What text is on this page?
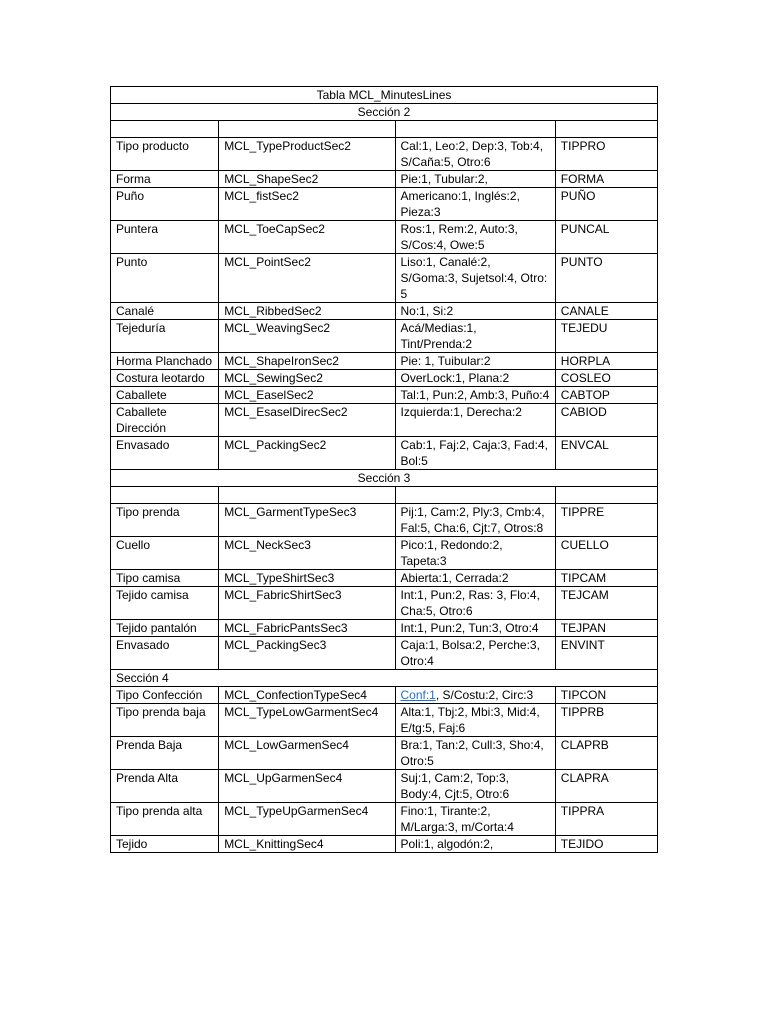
Tabla MCL_MinutesLines			
Sección 2			

Tipo producto	MCL_TypeProductSec2	Cal:1, Leo:2, Dep:3, Tob:4, S/Caña:5, Otro:6	TIPPRO
Forma	MCL_ShapeSec2	Pie:1, Tubular:2,	FORMA
Puño	MCL_fistSec2	Americano:1, Inglés:2, Pieza:3	PUÑO
Puntera	MCL_ToeCapSec2	Ros:1, Rem:2, Auto:3, S/Cos:4, Owe:5	PUNCAL
Punto	MCL_PointSec2	Liso:1, Canalé:2, S/Goma:3, Sujetsol:4, Otro: 5	PUNTO
Canalé	MCL_RibbedSec2	No:1, Si:2	CANALE
Tejeduría	MCL_WeavingSec2	Acá/Medias:1, Tint/Prenda:2	TEJEDU
Horma Planchado	MCL_ShapeIronSec2	Pie: 1, Tuibular:2	HORPLA
Costura leotardo	MCL_SewingSec2	OverLock:1, Plana:2	COSLEO
Caballete	MCL_EaselSec2	Tal:1, Pun:2, Amb:3, Puño:4	CABTOP
Caballete Dirección	MCL_EsaselDirecSec2	Izquierda:1, Derecha:2	CABIOD
Envasado	MCL_PackingSec2	Cab:1, Faj:2, Caja:3, Fad:4, Bol:5	ENVCAL
Sección 3			

Tipo prenda	MCL_GarmentTypeSec3	Pij:1, Cam:2, Ply:3, Cmb:4, Fal:5, Cha:6, Cjt:7, Otros:8	TIPPRE
Cuello	MCL_NeckSec3	Pico:1, Redondo:2, Tapeta:3	CUELLO
Tipo camisa	MCL_TypeShirtSec3	Abierta:1, Cerrada:2	TIPCAM
Tejido camisa	MCL_FabricShirtSec3	Int:1, Pun:2, Ras: 3, Flo:4, Cha:5, Otro:6	TEJCAM
Tejido pantalón	MCL_FabricPantsSec3	Int:1, Pun:2, Tun:3, Otro:4	TEJPAN
Envasado	MCL_PackingSec3	Caja:1, Bolsa:2, Perche:3, Otro:4	ENVINT
Sección 4			
Tipo Confección	MCL_ConfectionTypeSec4	Conf:1, S/Costu:2, Circ:3	TIPCON
Tipo prenda baja	MCL_TypeLowGarmentSec4	Alta:1, Tbj:2, Mbi:3, Mid:4, E/tg:5, Faj:6	TIPPRB
Prenda Baja	MCL_LowGarmenSec4	Bra:1, Tan:2, Cull:3, Sho:4, Otro:5	CLAPRB
Prenda Alta	MCL_UpGarmenSec4	Suj:1, Cam:2, Top:3, Body:4, Cjt:5, Otro:6	CLAPRA
Tipo prenda alta	MCL_TypeUpGarmenSec4	Fino:1, Tirante:2, M/Larga:3, m/Corta:4	TIPPRA
Tejido	MCL_KnittingSec4	Poli:1, algodón:2,	TEJIDO
